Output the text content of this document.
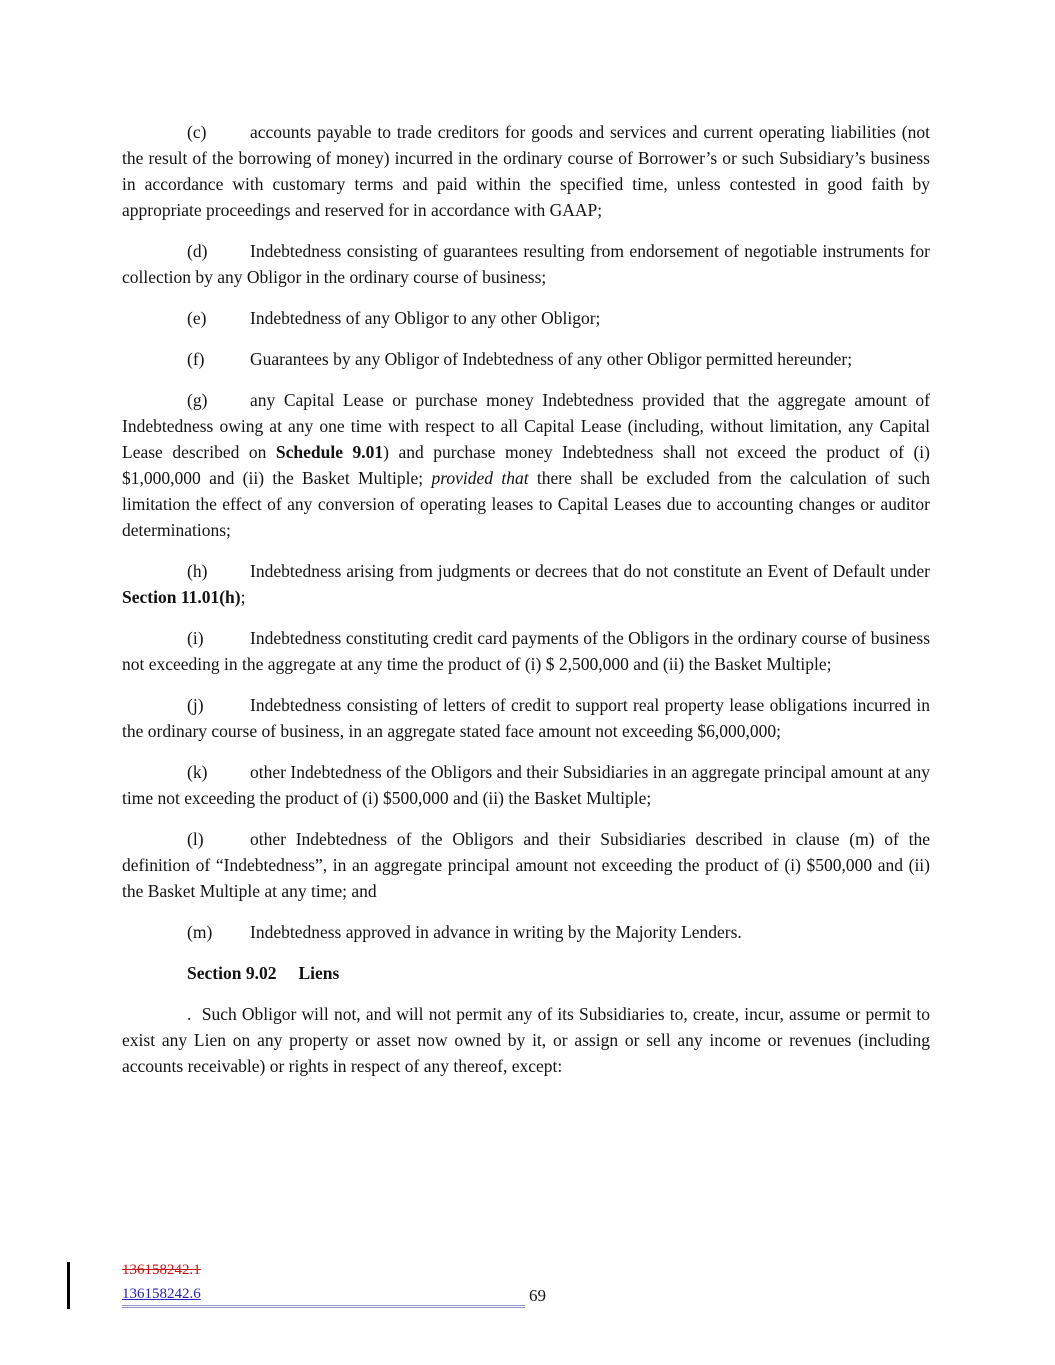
(c) accounts payable to trade creditors for goods and services and current operating liabilities (not the result of the borrowing of money) incurred in the ordinary course of Borrower’s or such Subsidiary’s business in accordance with customary terms and paid within the specified time, unless contested in good faith by appropriate proceedings and reserved for in accordance with GAAP;

(d) Indebtedness consisting of guarantees resulting from endorsement of negotiable instruments for collection by any Obligor in the ordinary course of business;

(e) Indebtedness of any Obligor to any other Obligor;

(f)	Guarantees by any Obligor of Indebtedness of any other Obligor permitted hereunder;

(g) any Capital Lease or purchase money Indebtedness provided that the aggregate amount of Indebtedness owing at any one time with respect to all Capital Lease (including, without limitation, any Capital Lease described on Schedule 9.01) and purchase money Indebtedness shall not exceed the product of (i) $1,000,000 and (ii) the Basket Multiple; provided that there shall be excluded from the calculation of such limitation the effect of any conversion of operating leases to Capital Leases due to accounting changes or auditor determinations;

(h) Indebtedness arising from judgments or decrees that do not constitute an Event of Default under Section 11.01(h);

(i)	Indebtedness constituting credit card payments of the Obligors in the ordinary course of business not exceeding in the aggregate at any time the product of (i) $ 2,500,000 and (ii) the Basket Multiple;

(j)	Indebtedness consisting of letters of credit to support real property lease obligations incurred in the ordinary course of business, in an aggregate stated face amount not exceeding $6,000,000;

(k) other Indebtedness of the Obligors and their Subsidiaries in an aggregate principal amount at any time not exceeding the product of (i) $500,000 and (ii) the Basket Multiple;

(l)	other Indebtedness of the Obligors and their Subsidiaries described in clause (m) of the definition of “Indebtedness”, in an aggregate principal amount not exceeding the product of (i) $500,000 and (ii) the Basket Multiple at any time; and

(m) Indebtedness approved in advance in writing by the Majority Lenders.

Section 9.02 Liens

.  Such Obligor will not, and will not permit any of its Subsidiaries to, create, incur, assume or permit to exist any Lien on any property or asset now owned by it, or assign or sell any income or revenues (including accounts receivable) or rights in respect of any thereof, except:

136158242.1
136158242.6	69
